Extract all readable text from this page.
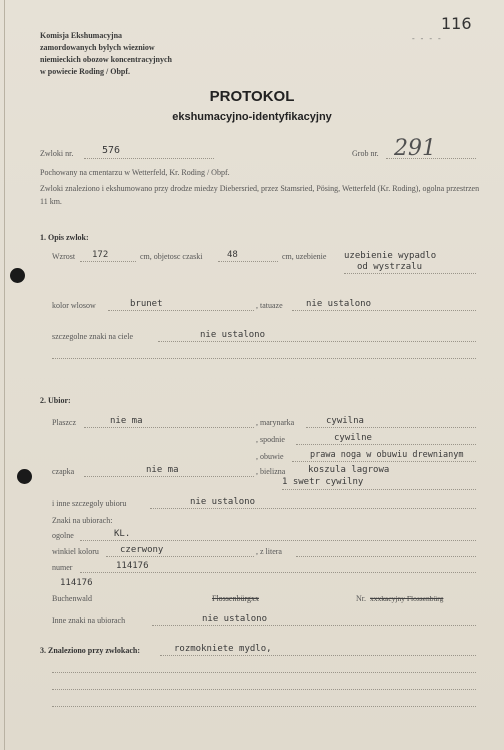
Komisja Ekshumacyjna
zamordowanych bylych wiezniow
niemieckich obozow koncentracyjnych
w powiecie Roding / Obpf.
116
- - - -
PROTOKOL
ekshumacyjno-identyfikacyjny
Zwloki nr.	576	Grob nr. 291
Pochowany na cmentarzu w Wetterfeld, Kr. Roding / Obpf.
Zwloki znaleziono i ekshumowano przy drodze miedzy Diebersried, przez Stamsried, Pösing, Wetterfeld (Kr. Roding), ogolna przestrzen 11 km.
1. Opis zwlok:
Wzrost 172	cm, objetosc czaski	48	cm, uzebienie uzebienie wypadlo
od wystrzalu
kolor wlosow	brunet	, tatuaze	nie ustalono
szczegolne znaki na ciele	nie ustalono
2. Ubior:
Plaszcz	nie ma	, marynarka	cywilna
, spodnie	cywilne
, obuwie	prawa noga w obuwiu drewnianym
czapka	nie ma	, bielizna	koszula lagrowa
1 swetr cywilny
i inne szczegoly ubioru	nie ustalono
Znaki na ubiorach:
ogolne	KL.
winkiel koloru czerwony	, z litera
numer	114176
114176
Buchenwald	Flossenbürgxx	Nr. xxxkacyjny Flossenbürg
Inne znaki na ubiorach	nie ustalono
3. Znaleziono przy zwlokach:	rozmokniete mydlo,
